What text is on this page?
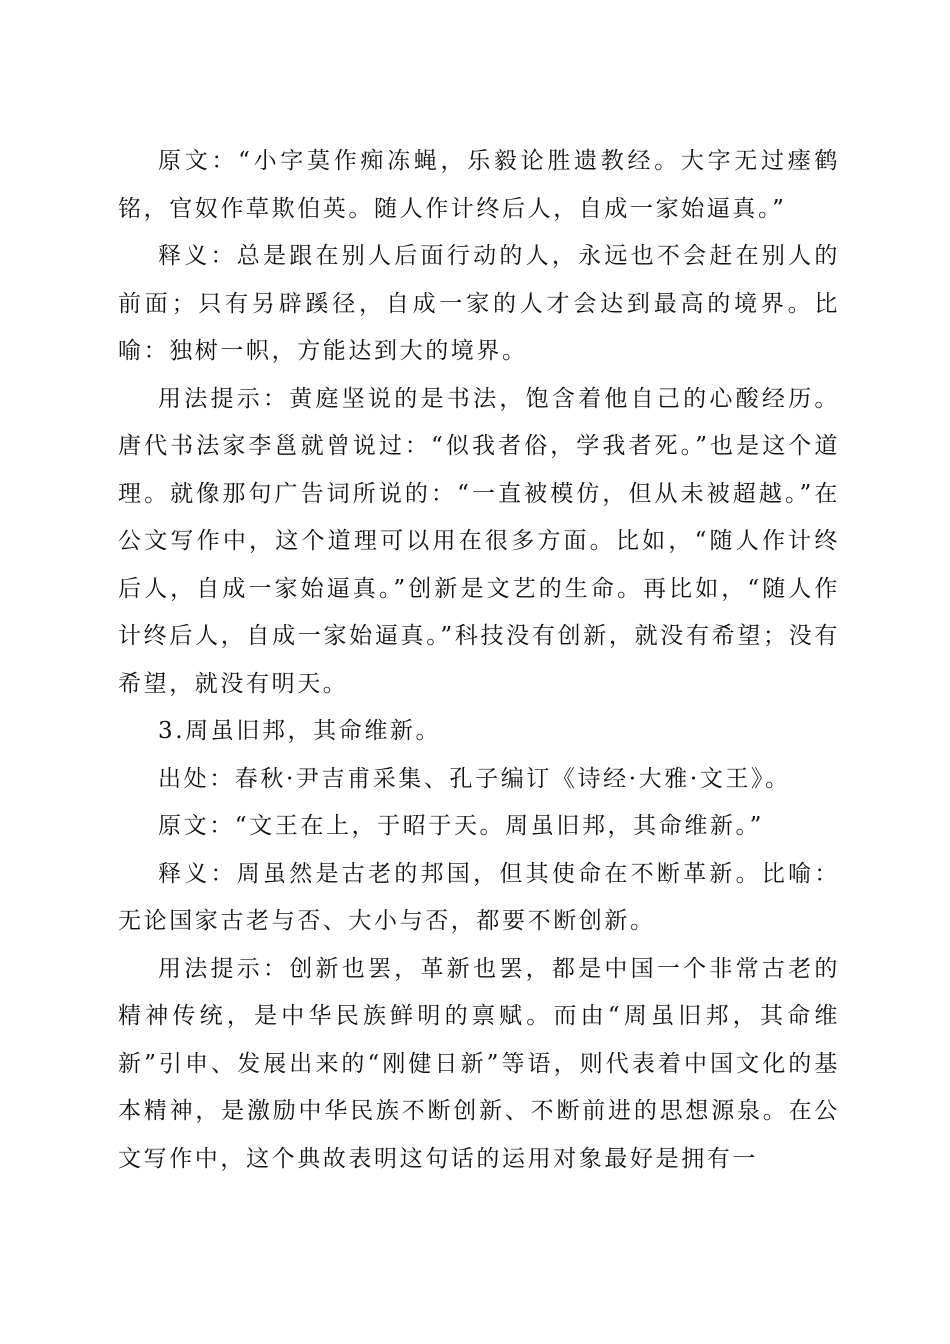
原文：“小字莫作痴冻蝇，乐毅论胜遗教经。大字无过瘗鹤铭，官奴作草欺伯英。随人作计终后人，自成一家始逼真。”

释义：总是跟在别人后面行动的人，永远也不会赶在别人的前面；只有另辟蹊径，自成一家的人才会达到最高的境界。比喻：独树一帜，方能达到大的境界。

用法提示：黄庭坚说的是书法，饱含着他自己的心酸经历。唐代书法家李邕就曾说过：“似我者俗，学我者死。”也是这个道理。就像那句广告词所说的：“一直被模仿，但从未被超越。”在公文写作中，这个道理可以用在很多方面。比如，“随人作计终后人，自成一家始逼真。”创新是文艺的生命。再比如，“随人作计终后人，自成一家始逼真。”科技没有创新，就没有希望；没有希望，就没有明天。

3.周虽旧邦，其命维新。

出处：春秋·尹吉甫采集、孔子编订《诗经·大雅·文王》。

原文：“文王在上，于昭于天。周虽旧邦，其命维新。”

释义：周虽然是古老的邦国，但其使命在不断革新。比喻：无论国家古老与否、大小与否，都要不断创新。

用法提示：创新也罢，革新也罢，都是中国一个非常古老的精神传统，是中华民族鲜明的禀赋。而由“周虽旧邦，其命维新”引申、发展出来的“刚健日新”等语，则代表着中国文化的基本精神，是激励中华民族不断创新、不断前进的思想源泉。在公文写作中，这个典故表明这句话的运用对象最好是拥有一
